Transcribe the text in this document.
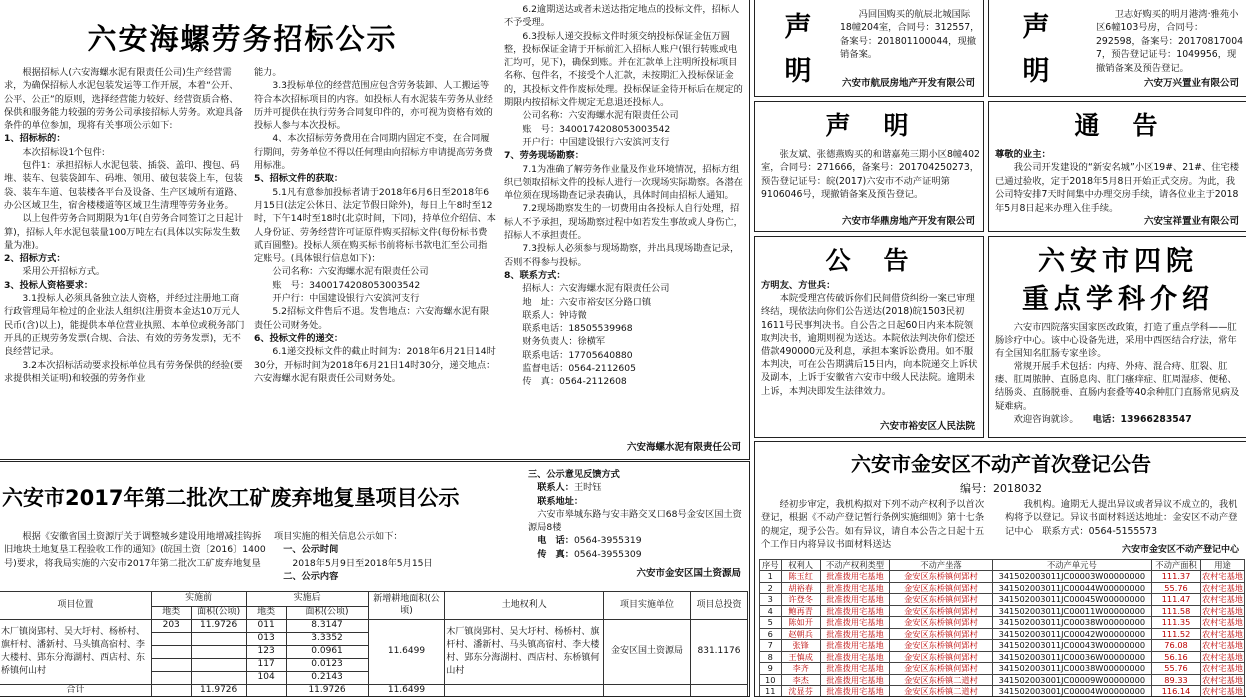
六安海螺劳务招标公示

根据招标人(六安海螺水泥有限责任公司)生产经营需求，为确保招标人水泥包装发运等工作开展，本着“公开、公平、公正”的原则，选择经营能力较好、经营资质合格、保供和服务能力较强的劳务公司承接招标人劳务。欢迎具备条件的单位参加，现将有关事项公示如下:

1、招标标的：

本次招标设1个包件:

包件1：承担招标人水泥包装、插袋、盖印、搜包、码堆、装车、包装袋卸车、码堆、领用、破包装袋上车，包装袋、装车车道、包装楼各平台及设备、生产区域所有道路、办公区域卫生，宿舍楼楼道等区域卫生清理等劳务业务。

以上包件劳务合同期限为1年(自劳务合同签订之日起计算)，招标人年水泥包装量100万吨左右(具体以实际发生数量为准)。

2、招标方式：

采用公开招标方式。

3、投标人资格要求：

3.1投标人必须具备独立法人资格，并经过注册地工商行政管理局年检过的企业法人组织(注册资本金达10万元人民币(含)以上)，能提供本单位营业执照、本单位或税务部门开具的正规劳务发票(合规、合法、有效的劳务发票)，无不良经营记录。

3.2本次招标活动要求投标单位具有劳务保供的经验(要求提供相关证明)和较强的劳务作业

能力。

3.3投标单位的经营范围应包含劳务装卸、人工搬运等符合本次招标项目的内容。如投标人有水泥装车劳务从业经历并可提供在执行劳务合同复印件的，亦可视为资格有效的投标人参与本次投标。

4、本次招标劳务费用在合同期内固定不变，在合同履行期间，劳务单位不得以任何理由向招标方申请提高劳务费用标准。

5、招标文件的获取：

5.1凡有意参加投标者请于2018年6月6日至2018年6月15日(法定公休日、法定节假日除外)，每日上午8时至12时，下午14时至18时(北京时间，下同)，持单位介绍信、本人身份证、劳务经营许可证原件购买招标文件(每份标书费贰百圆整)。投标人须在购买标书前将标书款电汇至公司指定账号。(具体银行信息如下)：

公司名称：六安海螺水泥有限责任公司

账　号：34001742080530​03542

开户行：中国建设银行六安滨河支行

5.2招标文件售后不退。发售地点：六安海螺水泥有限责任公司财务处。

6、投标文件的递交：

6.1递交投标文件的截止时间为：2018年6月21日14时30分，开标时间为2018年6月21日14时30分，递交地点：六安海螺水泥有限责任公司财务处。

6.2逾期送达或者未送达指定地点的投标文件，招标人不予受理。

6.3投标人递交投标文件时须交纳投标保证金伍万圆整，投标保证金请于开标前汇入招标人账户(银行转账或电汇均可，见下)，确保到账。并在汇款单上注明所投标项目名称、包件名，不接受个人汇款，未按期汇入投标保证金的，其投标文件作废标处理。投标保证金待开标后在规定的期限内按招标文件规定无息退还投标人。

公司名称：六安海螺水泥有限责任公司

账　号：34001742080530​03542

开户行：中国建设银行六安滨河支行

7、劳务现场勘察：

7.1为准确了解劳务作业量及作业环境情况，招标方组织已领取招标文件的投标人进行一次现场实际勘察。各潜在单位须在现场勘查记录表确认，具体时间由招标人通知。

7.2现场勘察发生的一切费用由各投标人自行处理，招标人不予承担，现场勘察过程中如若发生事故或人身伤亡，招标人不承担责任。

7.3投标人必须参与现场勘察，并出具现场勘查记录，否则不得参与投标。

8、联系方式：

招标人：六安海螺水泥有限责任公司

地　址：六安市裕安区分路口镇

联系人：钟诗微

联系电话：18505539968

财务负责人：徐横军

联系电话：17705640880

监督电话：0564-2112605

传　真：0564-2112608

六安海螺水泥有限责任公司
六安市2017年第二批次工矿废弃地复垦项目公示

根据《安徽省国土资源厅关于调整城乡建设用地增减挂钩拆旧地块土地复垦工程验收工作的通知》(皖国土资〔2016〕1400号)要求，将我局实施的六安市2017年第二批次工矿废弃地复垦

项目实施的相关信息公示如下：

一、公示时间

2018年5月9日至2018年5月15日

二、公示内容

三、公示意见反馈方式

联系人：王时钰

联系地址：

六安市皋城东路与安丰路交叉口68号金安区国土资源局8楼

电　话：0564-3955319

传　真：0564-3955309

六安市金安区国土资源局
项目位置	实施前		实施后		新增耕地面积(公顷)	土地权利人	项目实施单位	项目总投资
	地类	面积(公顷)	地类	面积(公顷)				
木厂镇岗郢村、吴大圩村、杨桥村、旗杆村、潘新村、马头镇高宿村、李大楼村、郢东分海湖村、西店村、东桥镇何山村	203	11.9726	011	8.3147	11.6499	木厂镇岗郢村、吴大圩村、杨桥村、旗杆村、潘新村、马头镇高宿村、李大楼村、郢东分海湖村、西店村、东桥镇何山村	金安区国土资源局	831.1176
			013	3.3352				
			123	0.0961				
			117	0.0123				
			104	0.2143				
合计		11.9726		11.9726	11.6499			
声
明

冯回国购买的航辰北城国际18幢204室，合同号：312557，备案号：201801100044，现撤销备案。

六安市航辰房地产开发有限公司
声
明

卫志好购买的明月港湾·雅苑小区6幢103号房，合同号：292598，备案号：20170817004​7，预告登记证号：1049956，现撤销备案及预告登记。

六安万兴置业有限公司
声　明

张友斌、张德燕购买的和谐嘉苑三期小区8幢402室，合同号：271666，备案号：201704250273，预告登记证号：皖(2017)六安市不动产证明第9106046号，现撤销备案及预告登记。

六安市华鼎房地产开发有限公司
通　告

尊敬的业主：

我公司开发建设的“新安名城”小区19#、21#、住宅楼已通过验收，定于2018年5月8日开始正式交房。为此，我公司特安排7天时间集中办理交房手续，请各位业主于2018年5月8日起来办理入住手续。

六安宝祥置业有限公司
公　告

方明友、方世兵：

本院受理宫传破诉你们民间借贷纠纷一案已审理终结，现依法向你们公告送达(2018)皖1503民初1611号民事判决书。自公告之日起60日内来本院领取判决书，逾期则视为送达。本院依法判决你们偿还借款490000元及利息，承担本案诉讼费用。如不服本判决，可在公告期满后15日内，向本院递交上诉状及副本，上诉于安徽省六安市中级人民法院。逾期未上诉，本判决即发生法律效力。

六安市裕安区人民法院
六安市四院
重点学科介绍

六安市四院落实国家医改政策，打造了重点学科——肛肠诊疗中心。该中心设备先进，采用中西医结合疗法，常年有全国知名肛肠专家坐诊。

常规开展手术包括：内痔、外痔、混合痔、肛裂、肛瘘、肛周脓肿、直肠息肉、肛门瘙痒症、肛周湿疹、便秘、结肠炎、直肠脱垂、直肠内套叠等40余种肛门直肠常见病及疑难病。

欢迎咨询就诊。　　 电话：13966283547

六安市金安区不动产首次登记公告
编号：2018032

经初步审定，我机构拟对下列不动产权利予以首次登记，根据《不动产登记暂行条例实施细则》第十七条的规定，现予公告。如有异议，请自本公告之日起十五个工作日内将异议书面材料送达

我机构。逾期无人提出异议或者异议不成立的，我机构将予以登记。异议书面材料送达地址：金安区不动产登记中心　联系方式：0564-5155573

六安市金安区不动产登记中心
序号	权利人	不动产权利类型	不动产坐落	不动产单元号	不动产面积	用途
1	陈玉红	批准拨用宅基地	金安区东桥镇何郢村	341502003011JC00003W00000000	111.37	农村宅基地
2	胡裕春	批准拨用宅基地	金安区东桥镇何郢村	341502003011JC00044W00000000	55.76	农村宅基地
3	许登冬	批准拨用宅基地	金安区东桥镇何郢村	341502003011JC00045W00000000	111.47	农村宅基地
4	鲍再青	批准拨用宅基地	金安区东桥镇何郢村	341502003011JC00011W00000000	111.58	农村宅基地
5	陈如开	批准拨用宅基地	金安区东桥镇何郢村	341502003011JC00038W00000000	111.35	农村宅基地
6	赵朝兵	批准拨用宅基地	金安区东桥镇何郢村	341502003011JC00042W00000000	111.52	农村宅基地
7	张锋	批准拨用宅基地	金安区东桥镇何郢村	341502003011JC00043W00000000	76.08	农村宅基地
8	王慎成	批准拨用宅基地	金安区东桥镇何郢村	341502003011JC00036W00000000	56.16	农村宅基地
9	李齐	批准拨用宅基地	金安区东桥镇何郢村	341502003011JC00038W00000000	55.76	农村宅基地
10	李杰	批准拨用宅基地	金安区东桥镇二道村	341502003001JC00009W00000000	89.33	农村宅基地
11	沈显芬	批准拨用宅基地	金安区东桥镇二道村	341502003001JC00004W00000000	116.14	农村宅基地
